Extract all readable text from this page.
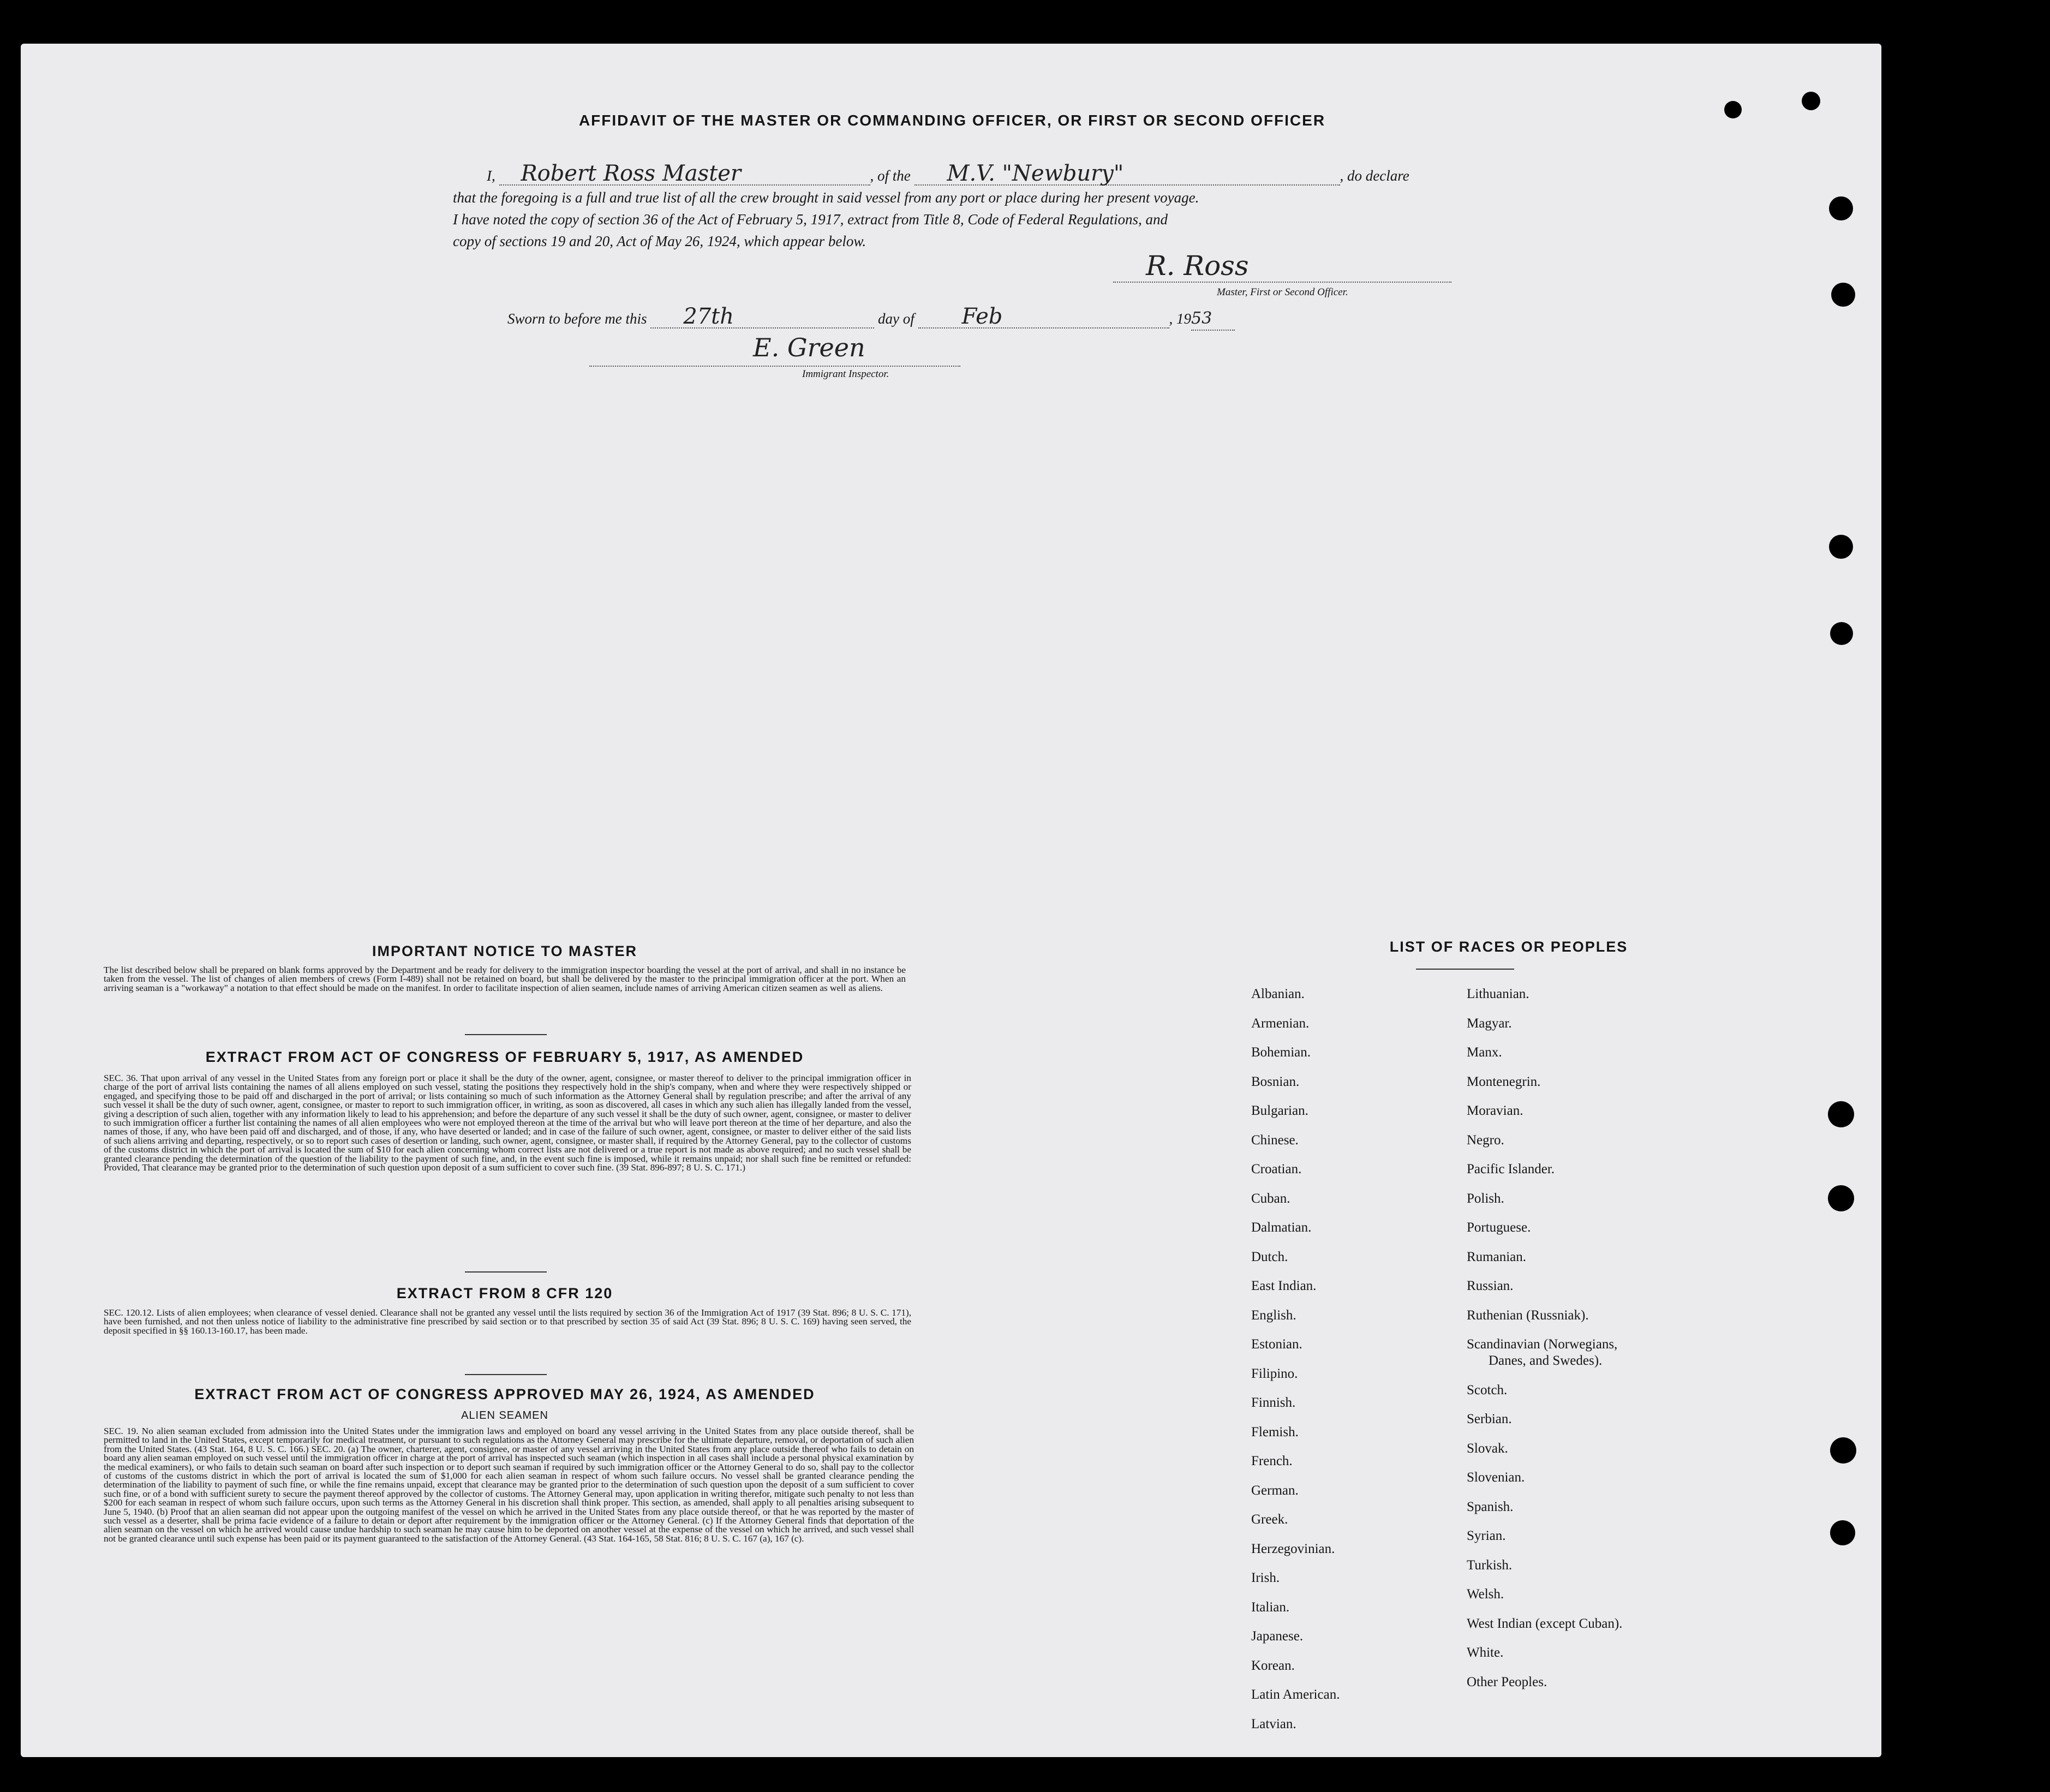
AFFIDAVIT OF THE MASTER OR COMMANDING OFFICER, OR FIRST OR SECOND OFFICER
I, Robert Ross Master	, of the M.V. "Newbury"	, do declare
that the foregoing is a full and true list of all the crew brought in said vessel from any port or place during her present voyage.
I have noted the copy of section 36 of the Act of February 5, 1917, extract from Title 8, Code of Federal Regulations, and
copy of sections 19 and 20, Act of May 26, 1924, which appear below.
R. Ross
Master, First or Second Officer.
Sworn to before me this 27th	day of Feb	, 1953
E. Green
Immigrant Inspector.
IMPORTANT NOTICE TO MASTER
The list described below shall be prepared on blank forms approved by the Department and be ready for delivery to the immigration inspector boarding the vessel at the port of arrival, and shall in no instance be taken from the vessel. The list of changes of alien members of crews (Form I-489) shall not be retained on board, but shall be delivered by the master to the principal immigration officer at the port. When an arriving seaman is a "workaway" a notation to that effect should be made on the manifest. In order to facilitate inspection of alien seamen, include names of arriving American citizen seamen as well as aliens.
EXTRACT FROM ACT OF CONGRESS OF FEBRUARY 5, 1917, AS AMENDED
SEC. 36. That upon arrival of any vessel in the United States from any foreign port or place it shall be the duty of the owner, agent, consignee, or master thereof to deliver to the principal immigration officer in charge of the port of arrival lists containing the names of all aliens employed on such vessel, stating the positions they respectively hold in the ship's company, when and where they were respectively shipped or engaged, and specifying those to be paid off and discharged in the port of arrival; or lists containing so much of such information as the Attorney General shall by regulation prescribe; and after the arrival of any such vessel it shall be the duty of such owner, agent, consignee, or master to report to such immigration officer, in writing, as soon as discovered, all cases in which any such alien has illegally landed from the vessel, giving a description of such alien, together with any information likely to lead to his apprehension; and before the departure of any such vessel it shall be the duty of such owner, agent, consignee, or master to deliver to such immigration officer a further list containing the names of all alien employees who were not employed thereon at the time of the arrival but who will leave port thereon at the time of her departure, and also the names of those, if any, who have been paid off and discharged, and of those, if any, who have deserted or landed; and in case of the failure of such owner, agent, consignee, or master to deliver either of the said lists of such aliens arriving and departing, respectively, or so to report such cases of desertion or landing, such owner, agent, consignee, or master shall, if required by the Attorney General, pay to the collector of customs of the customs district in which the port of arrival is located the sum of $10 for each alien concerning whom correct lists are not delivered or a true report is not made as above required; and no such vessel shall be granted clearance pending the determination of the question of the liability to the payment of such fine, and, in the event such fine is imposed, while it remains unpaid; nor shall such fine be remitted or refunded: Provided, That clearance may be granted prior to the determination of such question upon deposit of a sum sufficient to cover such fine. (39 Stat. 896-897; 8 U. S. C. 171.)
EXTRACT FROM 8 CFR 120
SEC. 120.12. Lists of alien employees; when clearance of vessel denied. Clearance shall not be granted any vessel until the lists required by section 36 of the Immigration Act of 1917 (39 Stat. 896; 8 U. S. C. 171), have been furnished, and not then unless notice of liability to the administrative fine prescribed by said section or to that prescribed by section 35 of said Act (39 Stat. 896; 8 U. S. C. 169) having seen served, the deposit specified in §§ 160.13-160.17, has been made.
EXTRACT FROM ACT OF CONGRESS APPROVED MAY 26, 1924, AS AMENDED
ALIEN SEAMEN
SEC. 19. No alien seaman excluded from admission into the United States under the immigration laws and employed on board any vessel arriving in the United States from any place outside thereof, shall be permitted to land in the United States, except temporarily for medical treatment, or pursuant to such regulations as the Attorney General may prescribe for the ultimate departure, removal, or deportation of such alien from the United States. (43 Stat. 164, 8 U. S. C. 166.) SEC. 20. (a) The owner, charterer, agent, consignee, or master of any vessel arriving in the United States from any place outside thereof who fails to detain on board any alien seaman employed on such vessel until the immigration officer in charge at the port of arrival has inspected such seaman (which inspection in all cases shall include a personal physical examination by the medical examiners), or who fails to detain such seaman on board after such inspection or to deport such seaman if required by such immigration officer or the Attorney General to do so, shall pay to the collector of customs of the customs district in which the port of arrival is located the sum of $1,000 for each alien seaman in respect of whom such failure occurs. No vessel shall be granted clearance pending the determination of the liability to payment of such fine, or while the fine remains unpaid, except that clearance may be granted prior to the determination of such question upon the deposit of a sum sufficient to cover such fine, or of a bond with sufficient surety to secure the payment thereof approved by the collector of customs. The Attorney General may, upon application in writing therefor, mitigate such penalty to not less than $200 for each seaman in respect of whom such failure occurs, upon such terms as the Attorney General in his discretion shall think proper. This section, as amended, shall apply to all penalties arising subsequent to June 5, 1940. (b) Proof that an alien seaman did not appear upon the outgoing manifest of the vessel on which he arrived in the United States from any place outside thereof, or that he was reported by the master of such vessel as a deserter, shall be prima facie evidence of a failure to detain or deport after requirement by the immigration officer or the Attorney General. (c) If the Attorney General finds that deportation of the alien seaman on the vessel on which he arrived would cause undue hardship to such seaman he may cause him to be deported on another vessel at the expense of the vessel on which he arrived, and such vessel shall not be granted clearance until such expense has been paid or its payment guaranteed to the satisfaction of the Attorney General. (43 Stat. 164-165, 58 Stat. 816; 8 U. S. C. 167 (a), 167 (c).
LIST OF RACES OR PEOPLES
Albanian.
Armenian.
Bohemian.
Bosnian.
Bulgarian.
Chinese.
Croatian.
Cuban.
Dalmatian.
Dutch.
East Indian.
English.
Estonian.
Filipino.
Finnish.
Flemish.
French.
German.
Greek.
Herzegovinian.
Irish.
Italian.
Japanese.
Korean.
Latin American.
Latvian.
Lithuanian.
Magyar.
Manx.
Montenegrin.
Moravian.
Negro.
Pacific Islander.
Polish.
Portuguese.
Rumanian.
Russian.
Ruthenian (Russniak).
Scandinavian (Norwegians,
Danes, and Swedes).
Scotch.
Serbian.
Slovak.
Slovenian.
Spanish.
Syrian.
Turkish.
Welsh.
West Indian (except Cuban).
White.
Other Peoples.
